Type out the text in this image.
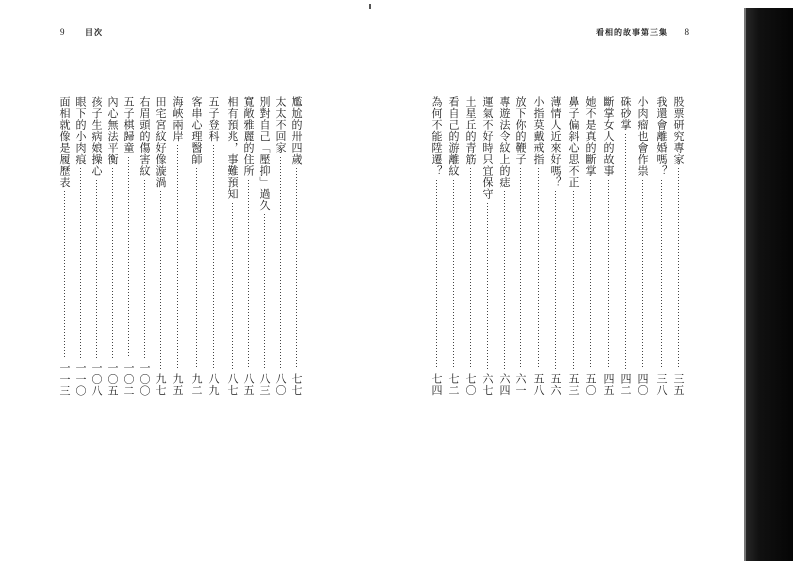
9	目次	看相的故事第三集 8
尷尬的卅四歲
七七
太太不回家
八〇
別對自己「壓抑」過久
八三
寬敞雅麗的住所
八五
相有預兆，事難預知
八七
五子登科
八九
客串心理醫師
九二
海峽兩岸
九五
田宅宮紋好像漩渦
九七
右眉頭的傷害紋
一〇〇
五子棋歸童
一〇二
內心無法平衡
一〇五
孩子生病娘操心
一〇八
眼下的小肉痕
一一〇
面相就像是履歷表
一一三
股票研究專家
三五
我還會離婚嗎？
三八
小肉瘤也會作祟
四〇
硃砂掌
四二
斷掌女人的故事
四五
她不是真的斷掌
五〇
鼻子偏斜心思不正
五三
薄情人近來好嗎？
五六
小指莫戴戒指
五八
放下你的鞭子
六一
專遊法令紋上的痣
六四
運氣不好時只宜保守
六七
土星丘的青筋
七〇
看自己的游離紋
七二
為何不能陞遷？
七四
